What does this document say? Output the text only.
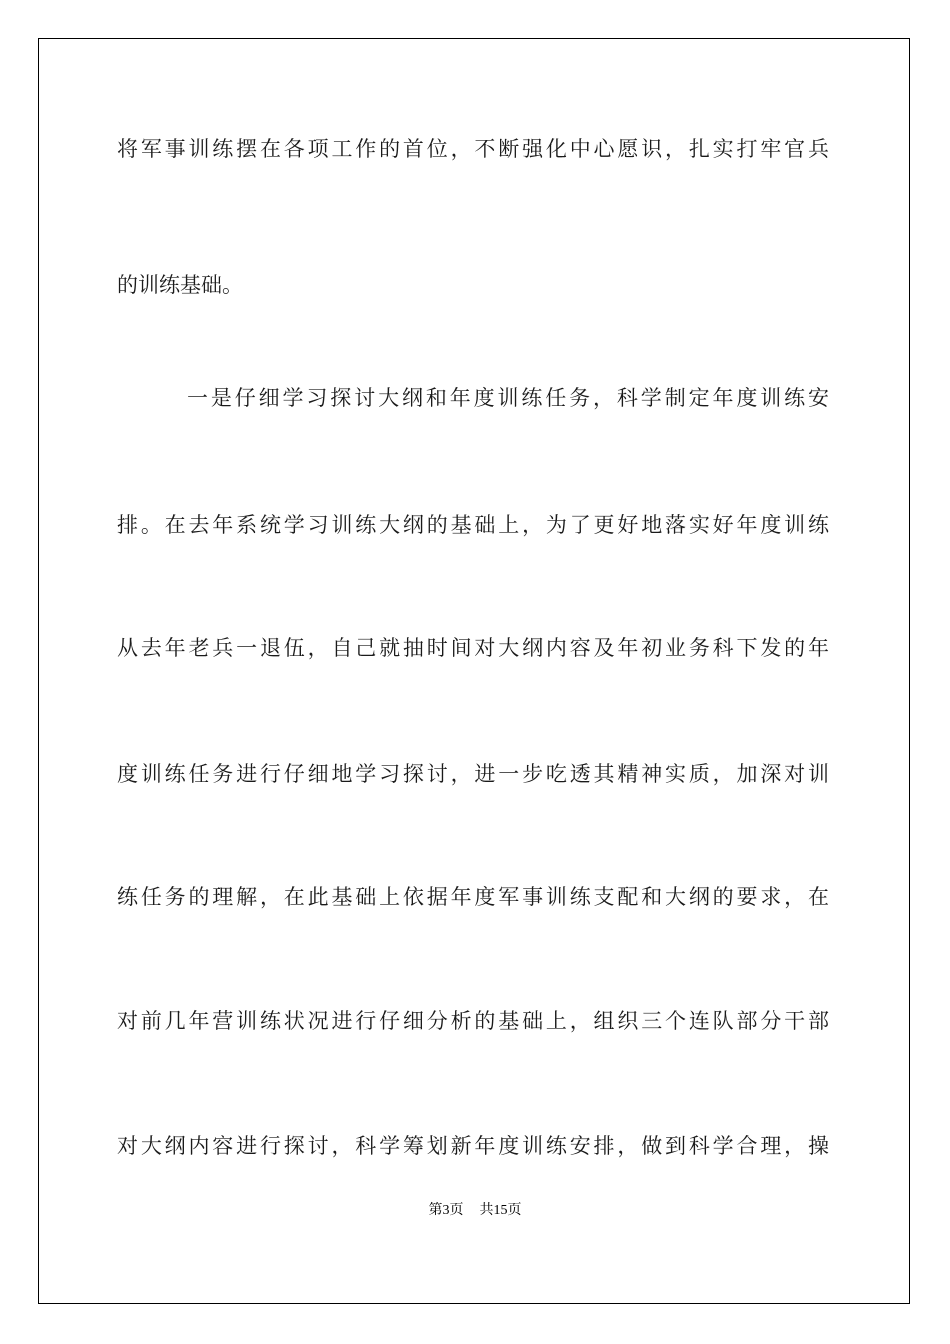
将军事训练摆在各项工作的首位，不断强化中心愿识，扎实打牢官兵
的训练基础。
一是仔细学习探讨大纲和年度训练任务，科学制定年度训练安
排。在去年系统学习训练大纲的基础上，为了更好地落实好年度训练
从去年老兵一退伍，自己就抽时间对大纲内容及年初业务科下发的年
度训练任务进行仔细地学习探讨，进一步吃透其精神实质，加深对训
练任务的理解，在此基础上依据年度军事训练支配和大纲的要求，在
对前几年营训练状况进行仔细分析的基础上，组织三个连队部分干部
对大纲内容进行探讨，科学筹划新年度训练安排，做到科学合理，操
第3页 共15页
